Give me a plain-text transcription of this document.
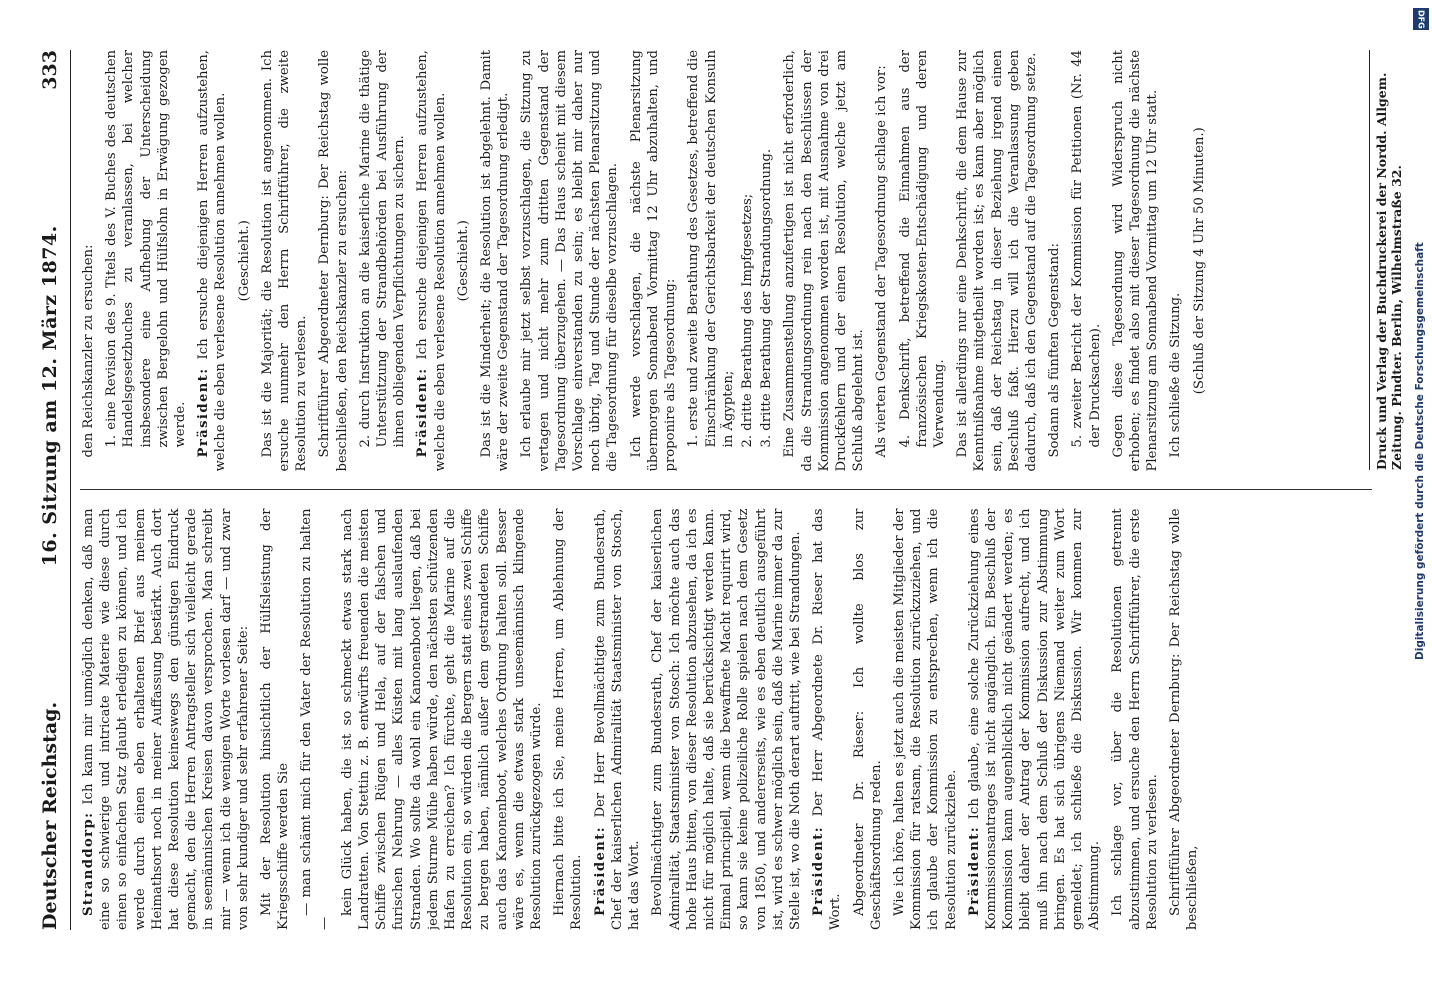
Deutscher Reichstag.
16. Sitzung am 12. März 1874.
333

Stranddorp: Ich kann mir unmöglich denken, daß man eine so schwierige und intricate Materie wie diese durch einen so einfachen Satz glaubt erledigen zu können, und ich werde durch einen eben erhaltenen Brief aus meinem Heimathsort noch in meiner Auffassung bestärkt. Auch dort hat diese Resolution keineswegs den günstigen Eindruck gemacht, den die Herren Antragsteller sich vielleicht gerade in seemännischen Kreisen davon versprochen. Man schreibt mir — wenn ich die wenigen Worte vorlesen darf — und zwar von sehr kundiger und sehr erfahrener Seite: Mit der Resolution hinsichtlich der Hülfsleistung der Kriegsschiffe werden Sie — man schämt mich für den Vater der Resolution zu halten —

kein Glück haben, die ist so schmeckt etwas stark nach Landratten. Von Stettin z. B. entwürfts freuenden die meisten Schiffe zwischen Rügen und Hela, auf der falschen und furischen Nehrung — alles Küsten mit lang auslaufenden Stranden. Wo sollte da wohl ein Kanonenboot liegen, daß bei jedem Sturme Mühe haben würde, den nächsten schützenden Hafen zu erreichen? Ich fürchte, geht die Marine auf die Resolution ein, so würden die Bergern statt eines zwei Schiffe zu bergen haben, nämlich außer dem gestrandeten Schiffe auch das Kanonenboot, welches Ordnung halten soll. Besser wäre es, wenn die etwas stark unseemännisch klingende Resolution zurückgezogen würde. Hiernach bitte ich Sie, meine Herren, um Ablehnung der Resolution. Präsident: Der Herr Bevollmächtigte zum Bundesrath, Chef der kaiserlichen Admiralität Staatsminister von Stosch, hat das Wort. Bevollmächtigter zum Bundesrath, Chef der kaiserlichen Admiralität, Staatsminister von Stosch: Ich möchte auch das hohe Haus bitten, von dieser Resolution abzusehen, da ich es nicht für möglich halte, daß sie berücksichtigt werden kann. Einmal principiell, wenn die bewaffnete Macht requirirt wird, so kann sie keine polizeiliche Rolle spielen nach dem Gesetz von 1850, und andererseits, wie es eben deutlich ausgeführt ist, wird es schwer möglich sein, daß die Marine immer da zur Stelle ist, wo die Noth derart auftritt, wie bei Strandungen. Präsident: Der Herr Abgeordnete Dr. Rieser hat das Wort. Abgeordneter Dr. Rieser: Ich wollte blos zur Geschäftsordnung reden. Wie ich höre, halten es jetzt auch die meisten Mitglieder der Kommission für ratsam, die Resolution zurückzuziehen, und ich glaube der Kommission zu entsprechen, wenn ich die Resolution zurückziehe. Präsident: Ich glaube, eine solche Zurückziehung eines Kommissionsantrages ist nicht angänglich. Ein Beschluß der Kommission kann augenblicklich nicht geändert werden; es bleibt daher der Antrag der Kommission aufrecht, und ich muß ihn nach dem Schluß der Diskussion zur Abstimmung bringen. Es hat sich übrigens Niemand weiter zum Wort gemeldet; ich schließe die Diskussion. Wir kommen zur Abstimmung. Ich schlage vor, über die Resolutionen getrennt abzustimmen, und ersuche den Herrn Schriftführer, die erste Resolution zu verlesen. Schriftführer Abgeordneter Dernburg: Der Reichstag wolle beschließen,

den Reichskanzler zu ersuchen: 1. eine Revision des 9. Titels des V. Buches des deutschen Handelsgesetzbuches zu veranlassen, bei welcher insbesondere eine Aufhebung der Unterscheidung zwischen Bergelohn und Hülfslohn in Erwägung gezogen werde. Präsident: Ich ersuche diejenigen Herren aufzustehen, welche die eben verlesene Resolution annehmen wollen. (Geschieht.) Das ist die Majorität; die Resolution ist angenommen. Ich ersuche nunmehr den Herrn Schriftführer, die zweite Resolution zu verlesen. Schriftführer Abgeordneter Dernburg: Der Reichstag wolle beschließen, den Reichskanzler zu ersuchen: 2. durch Instruktion an die kaiserliche Marine die thätige Unterstützung der Strandbehörden bei Ausführung der ihnen obliegenden Verpflichtungen zu sichern. Präsident: Ich ersuche diejenigen Herren aufzustehen, welche die eben verlesene Resolution annehmen wollen. (Geschieht.) Das ist die Minderheit; die Resolution ist abgelehnt. Damit wäre der zweite Gegenstand der Tagesordnung erledigt. Ich erlaube mir jetzt selbst vorzuschlagen, die Sitzung zu vertagen und nicht mehr zum dritten Gegenstand der Tagesordnung überzugehen. — Das Haus scheint mit diesem Vorschlage einverstanden zu sein; es bleibt mir daher nur noch übrig, Tag und Stunde der nächsten Plenarsitzung und die Tagesordnung für dieselbe vorzuschlagen. Ich werde vorschlagen, die nächste Plenarsitzung übermorgen Sonnabend Vormittag 12 Uhr abzuhalten, und proponire als Tagesordnung: 1. erste und zweite Berathung des Gesetzes, betreffend die Einschränkung der Gerichtsbarkeit der deutschen Konsuln in Ägypten; 2. dritte Berathung des Impfgesetzes; 3. dritte Berathung der Strandungsordnung. Eine Zusammenstellung anzufertigen ist nicht erforderlich, da die Strandungsordnung rein nach den Beschlüssen der Kommission angenommen worden ist, mit Ausnahme von drei Druckfehlern und der einen Resolution, welche jetzt am Schluß abgelehnt ist. Als vierten Gegenstand der Tagesordnung schlage ich vor: 4. Denkschrift, betreffend die Einnahmen aus der französischen Kriegskosten-Entschädigung und deren Verwendung. Das ist allerdings nur eine Denkschrift, die dem Hause zur Kenntnißnahme mitgetheilt worden ist; es kann aber möglich sein, daß der Reichstag in dieser Beziehung irgend einen Beschluß faßt. Hierzu will ich die Veranlassung geben dadurch, daß ich den Gegenstand auf die Tagesordnung setze. Sodann als fünften Gegenstand: 5. zweiter Bericht der Kommission für Petitionen (Nr. 44 der Drucksachen). Gegen diese Tagesordnung wird Widerspruch nicht erhoben; es findet also mit dieser Tagesordnung die nächste Plenarsitzung am Sonnabend Vormittag um 12 Uhr statt. Ich schließe die Sitzung. (Schluß der Sitzung 4 Uhr 50 Minuten.)	Druck und Verlag der Buchdruckerei der Nordd. Allgem. Zeitung. Pindter. Berlin, Wilhelmstraße 32.
DFG
Digitalisierung gefördert durch die Deutsche Forschungsgemeinschaft
